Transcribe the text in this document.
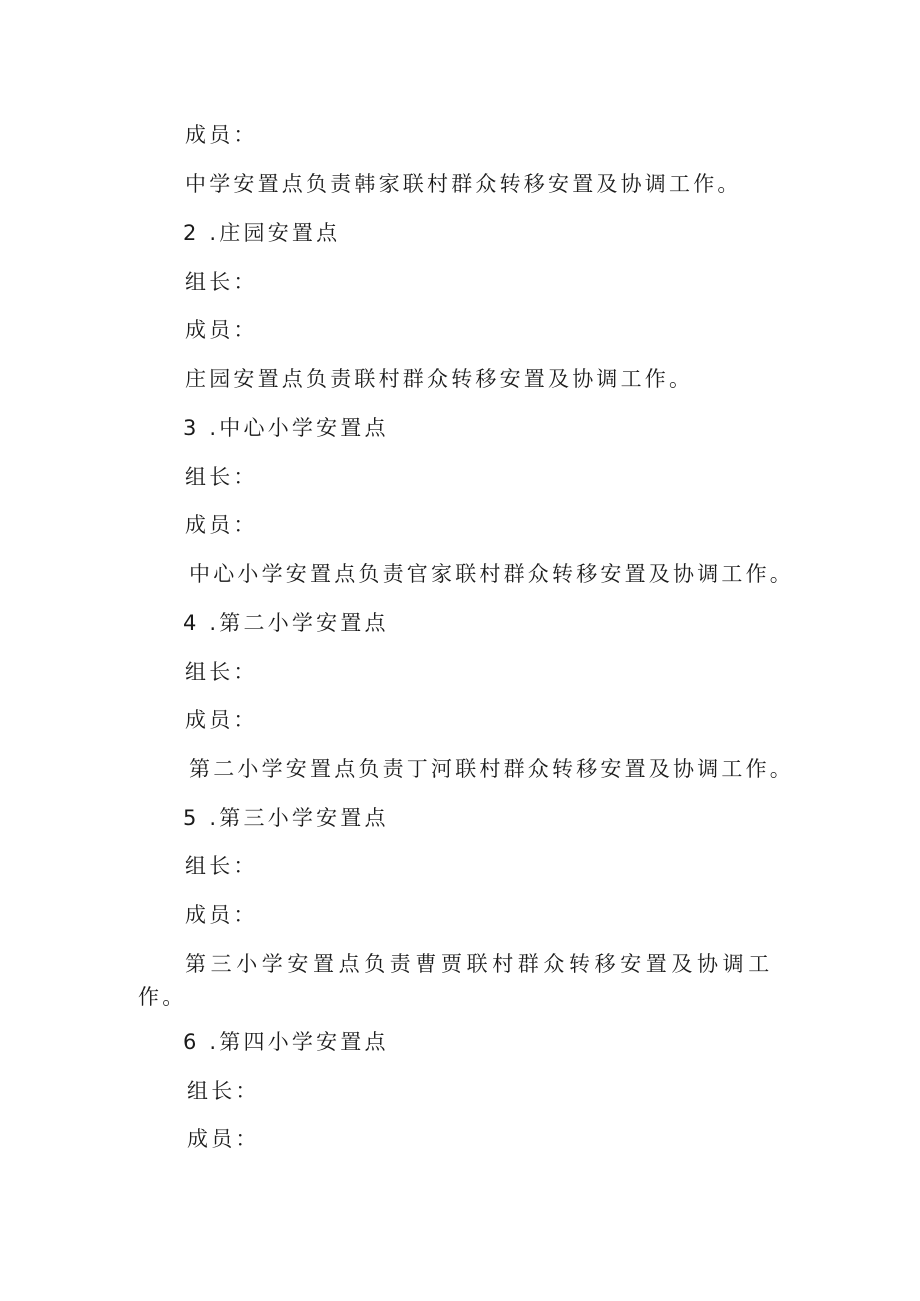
成员：
中学安置点负责韩家联村群众转移安置及协调工作。
2 .庄园安置点
组长：
成员：
庄园安置点负责联村群众转移安置及协调工作。
3 .中心小学安置点
组长：
成员：
中心小学安置点负责官家联村群众转移安置及协调工作。
4 .第二小学安置点
组长：
成员：
第二小学安置点负责丁河联村群众转移安置及协调工作。
5 .第三小学安置点
组长：
成员：
第三小学安置点负责曹贾联村群众转移安置及协调工
作。
6 .第四小学安置点
组长：
成员：
